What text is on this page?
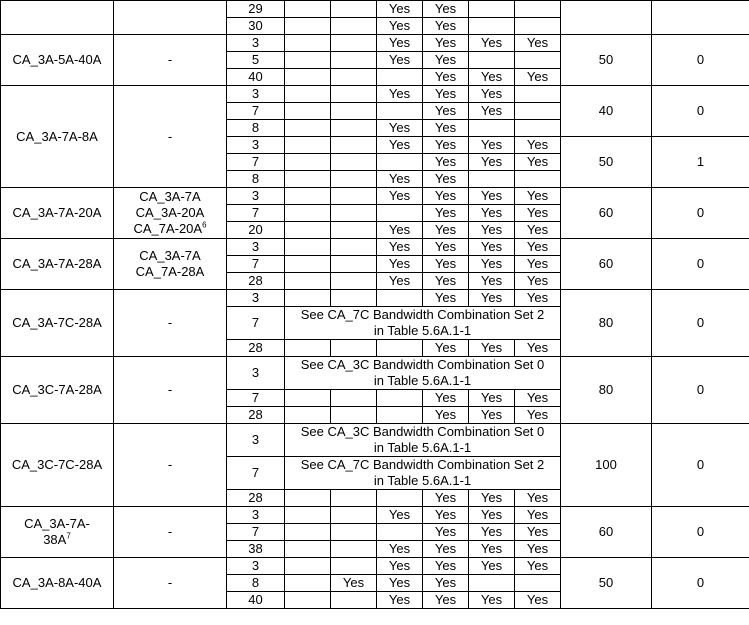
		29			Yes	Yes				
		30			Yes	Yes				
CA_3A-5A-40A	-	3			Yes	Yes	Yes	Yes	50	0
		5			Yes	Yes				
		40				Yes	Yes	Yes		
CA_3A-7A-8A	-	3			Yes	Yes	Yes		40	0
		7				Yes	Yes			
		8			Yes	Yes				
		3			Yes	Yes	Yes	Yes	50	1
		7				Yes	Yes	Yes		
		8			Yes	Yes				
CA_3A-7A-20A	CA_3A-7A
CA_3A-20A
$CA\_7A-20A^6$	3			Yes	Yes	Yes	Yes	60	0
		7				Yes	Yes	Yes		
		20			Yes	Yes	Yes	Yes		
CA_3A-7A-28A	CA_3A-7A
CA_7A-28A	3			Yes	Yes	Yes	Yes	60	0
		7			Yes	Yes	Yes	Yes		
		28			Yes	Yes	Yes	Yes		
CA_3A-7C-28A	-	3				Yes	Yes	Yes	80	0
		7	See CA_7C Bandwidth Combination Set 2
in Table 5.6A.1-1							
		28				Yes	Yes	Yes		
CA_3C-7A-28A	-	3	See CA_3C Bandwidth Combination Set 0
in Table 5.6A.1-1						80	0
		7				Yes	Yes	Yes		
		28				Yes	Yes	Yes		
CA_3C-7C-28A	-	3	See CA_3C Bandwidth Combination Set 0
in Table 5.6A.1-1						100	0
		7	See CA_7C Bandwidth Combination Set 2
in Table 5.6A.1-1							
		28				Yes	Yes	Yes		
CA_3A-7A-
$38A^7$	-	3			Yes	Yes	Yes	Yes	60	0
		7				Yes	Yes	Yes		
		38			Yes	Yes	Yes	Yes		
CA_3A-8A-40A	-	3			Yes	Yes	Yes	Yes	50	0
		8		Yes	Yes	Yes				
		40			Yes	Yes	Yes	Yes		
